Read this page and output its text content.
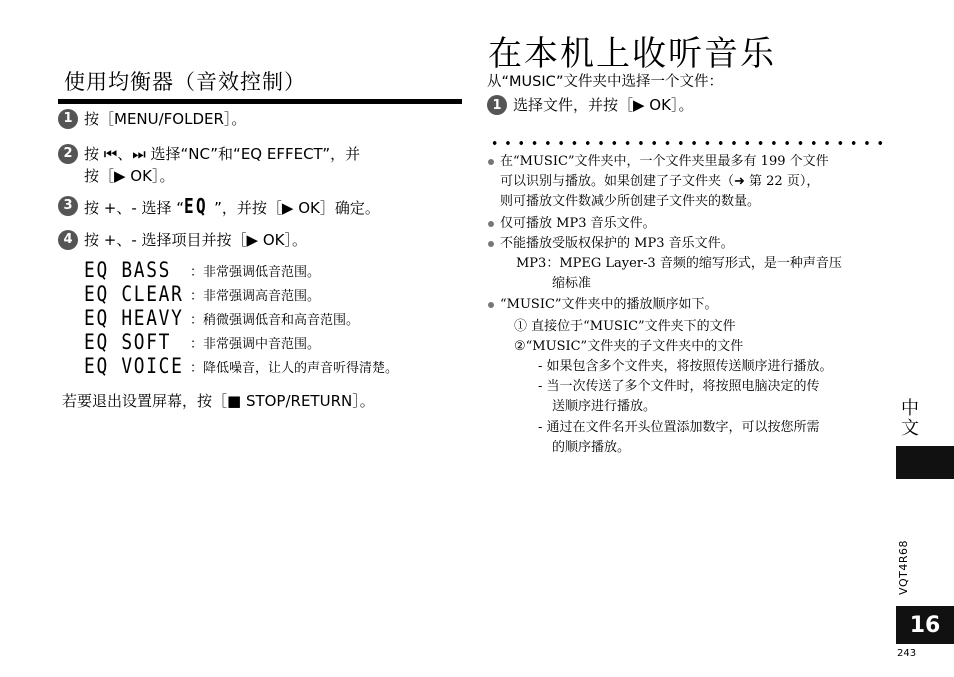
使用均衡器（音效控制）
1 按［MENU/FOLDER］。
2 按 ⏮、⏭ 选择“NC”和“EQ EFFECT”，并
按［▶ OK］。
3 按 +、- 选择 “EQ ”，并按［▶ OK］确定。
4 按 +、- 选择项目并按［▶ OK］。
EQ BASS ：非常强调低音范围。
EQ CLEAR ：非常强调高音范围。
EQ HEAVY ：稍微强调低音和高音范围。
EQ SOFT ：非常强调中音范围。
EQ VOICE ：降低噪音，让人的声音听得清楚。
若要退出设置屏幕，按［■ STOP/RETURN］。
在本机上收听音乐
从“MUSIC”文件夹中选择一个文件：
1 选择文件，并按［▶ OK］。
在“MUSIC”文件夹中，一个文件夹里最多有 199 个文件
可以识别与播放。如果创建了子文件夹（➜ 第 22 页），
则可播放文件数减少所创建子文件夹的数量。
仅可播放 MP3 音乐文件。
不能播放受版权保护的 MP3 音乐文件。
MP3：MPEG Layer-3 音频的缩写形式，是一种声音压
缩标准
“MUSIC”文件夹中的播放顺序如下。
① 直接位于“MUSIC”文件夹下的文件
②“MUSIC”文件夹的子文件夹中的文件
- 如果包含多个文件夹，将按照传送顺序进行播放。
- 当一次传送了多个文件时，将按照电脑决定的传
送顺序进行播放。
- 通过在文件名开头位置添加数字，可以按您所需
的顺序播放。
中文
VQT4R68
16
243
